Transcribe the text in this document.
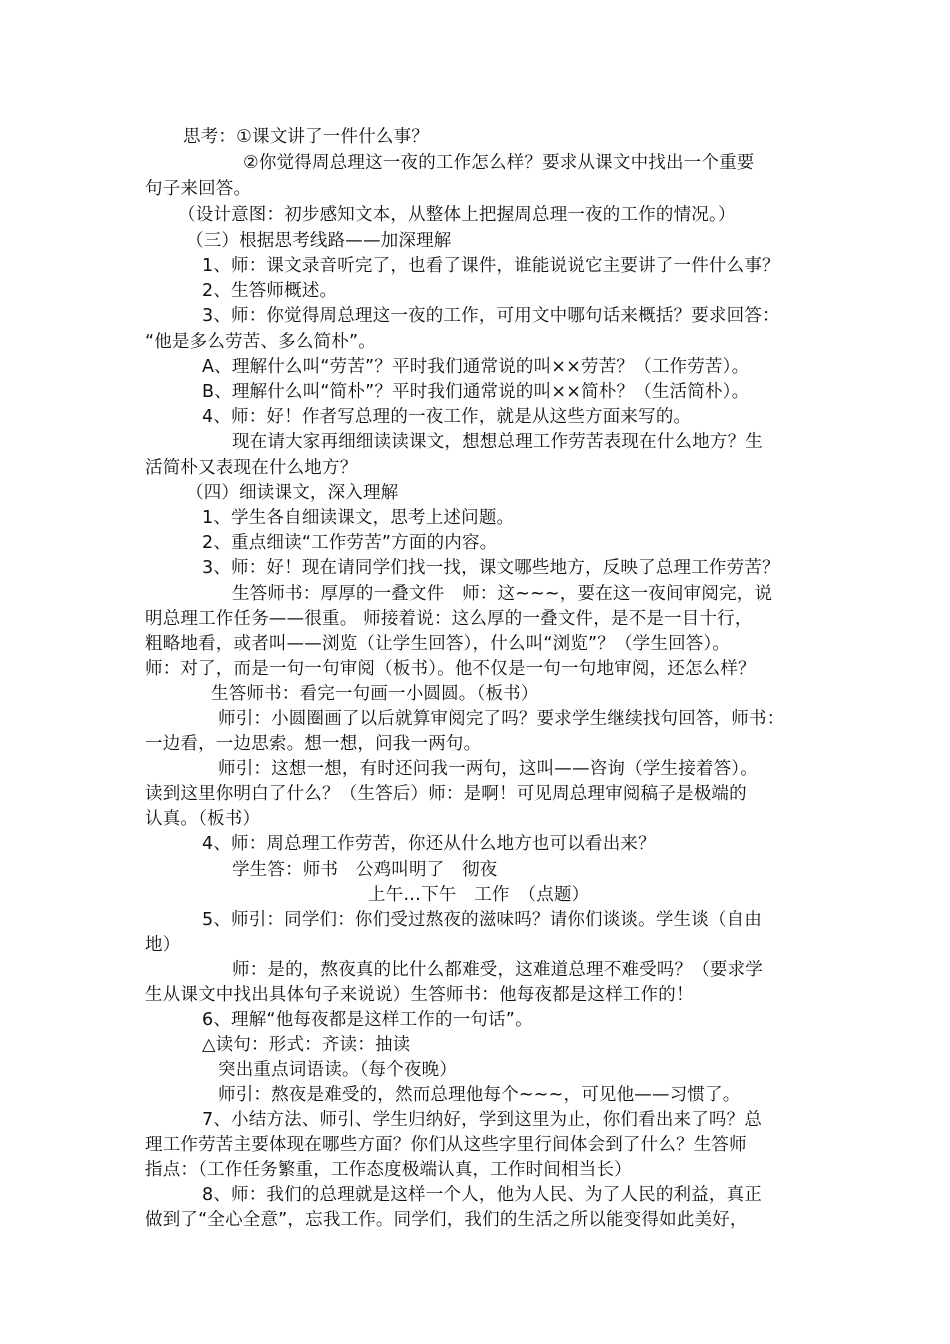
思考：①课文讲了一件什么事？
②你觉得周总理这一夜的工作怎么样？要求从课文中找出一个重要
句子来回答。
（设计意图：初步感知文本，从整体上把握周总理一夜的工作的情况。）
（三）根据思考线路——加深理解
1、师：课文录音听完了，也看了课件，谁能说说它主要讲了一件什么事？
2、生答师概述。
3、师：你觉得周总理这一夜的工作，可用文中哪句话来概括？要求回答：
“他是多么劳苦、多么简朴”。
A、理解什么叫“劳苦”？平时我们通常说的叫××劳苦？（工作劳苦）。
B、理解什么叫“简朴”？平时我们通常说的叫××简朴？（生活简朴）。
4、师：好！作者写总理的一夜工作，就是从这些方面来写的。
现在请大家再细细读读课文，想想总理工作劳苦表现在什么地方？生
活简朴又表现在什么地方？
（四）细读课文，深入理解
1、学生各自细读课文，思考上述问题。
2、重点细读“工作劳苦”方面的内容。
3、师：好！现在请同学们找一找，课文哪些地方，反映了总理工作劳苦？
生答师书：厚厚的一叠文件　师：这~~~，要在这一夜间审阅完，说
明总理工作任务——很重。 师接着说：这么厚的一叠文件，是不是一目十行，
粗略地看，或者叫——浏览（让学生回答），什么叫“浏览”？（学生回答）。
师：对了，而是一句一句审阅（板书）。他不仅是一句一句地审阅，还怎么样？
生答师书：看完一句画一小圆圆。（板书）
师引：小圆圈画了以后就算审阅完了吗？要求学生继续找句回答，师书：
一边看，一边思索。想一想，问我一两句。
师引：这想一想，有时还问我一两句，这叫——咨询（学生接着答）。
读到这里你明白了什么？（生答后）师：是啊！可见周总理审阅稿子是极端的
认真。（板书）
4、师：周总理工作劳苦，你还从什么地方也可以看出来？
学生答：师书　公鸡叫明了　彻夜
上午…下午　工作　（点题）
5、师引：同学们：你们受过熬夜的滋味吗？请你们谈谈。学生谈（自由
地）
师：是的，熬夜真的比什么都难受，这难道总理不难受吗？（要求学
生从课文中找出具体句子来说说）生答师书：他每夜都是这样工作的！
6、理解“他每夜都是这样工作的一句话”。
△读句：形式：齐读：抽读
突出重点词语读。（每个夜晚）
师引：熬夜是难受的，然而总理他每个~~~，可见他——习惯了。
7、小结方法、师引、学生归纳好，学到这里为止，你们看出来了吗？总
理工作劳苦主要体现在哪些方面？你们从这些字里行间体会到了什么？生答师
指点：（工作任务繁重，工作态度极端认真，工作时间相当长）
8、师：我们的总理就是这样一个人，他为人民、为了人民的利益，真正
做到了“全心全意”，忘我工作。同学们，我们的生活之所以能变得如此美好，
